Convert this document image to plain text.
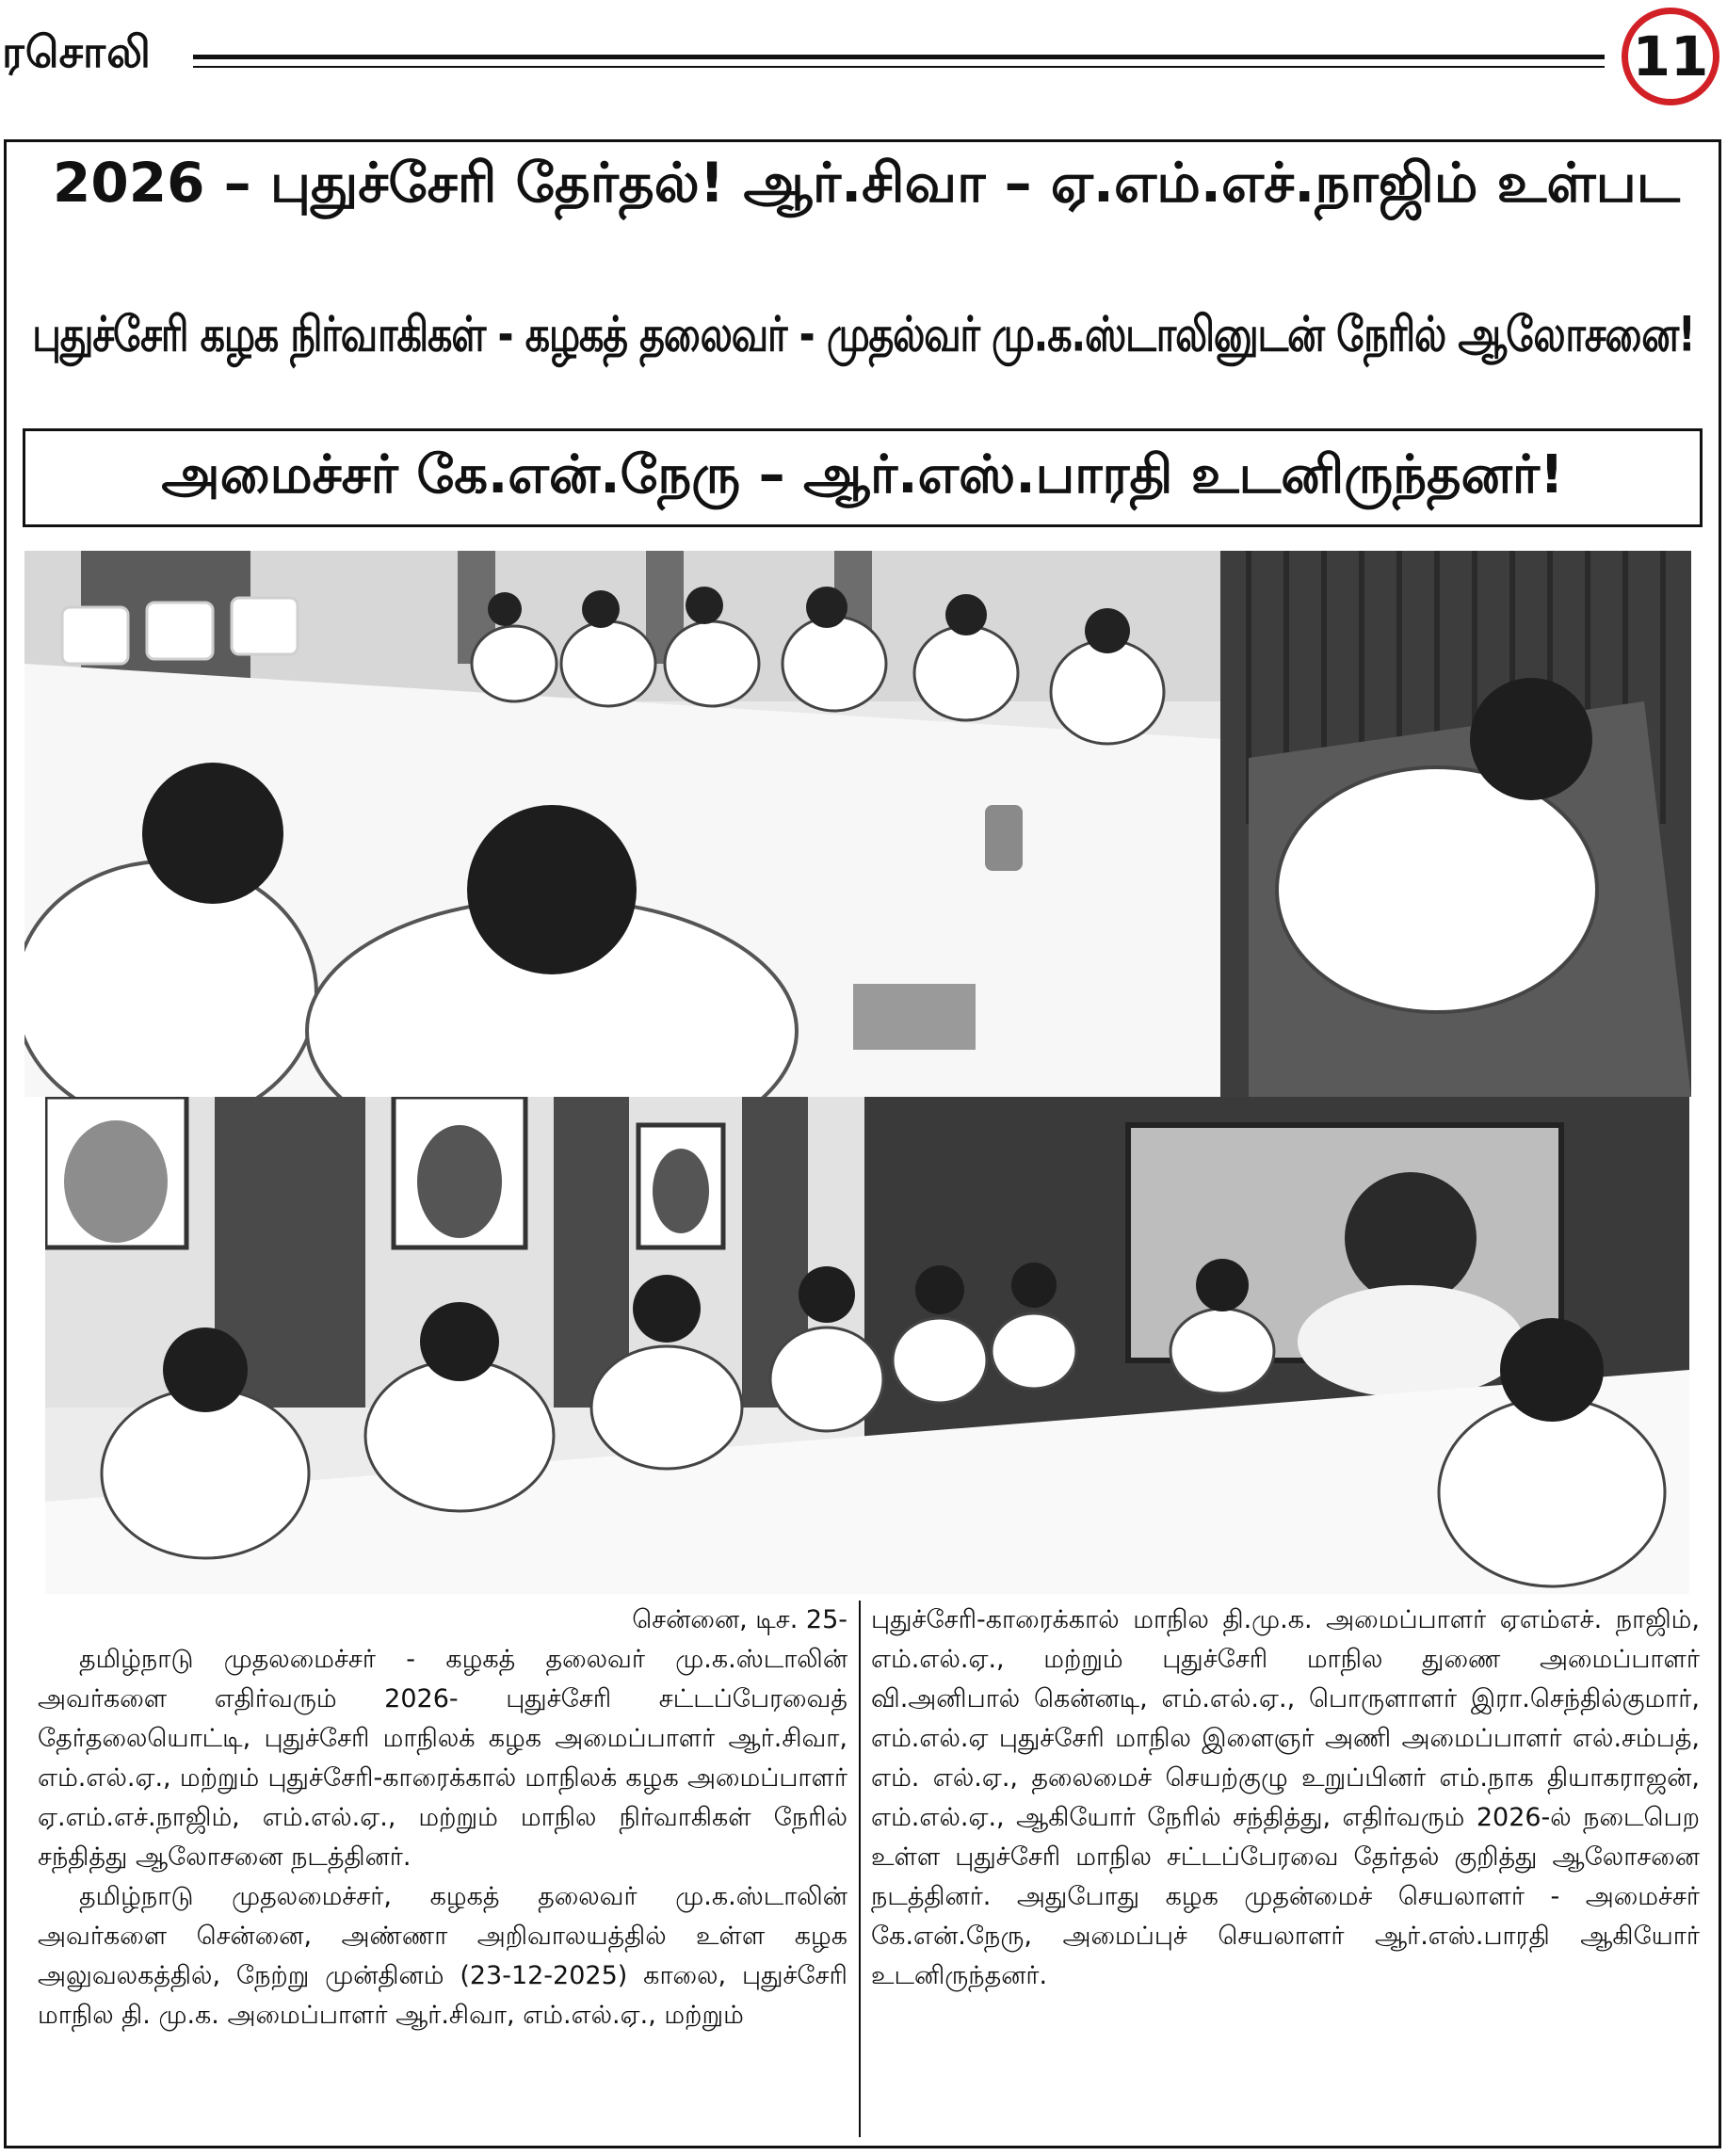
ரசொலி	11
2026 – புதுச்சேரி தேர்தல்! ஆர்.சிவா – ஏ.எம்.எச்.நாஜிம் உள்பட
புதுச்சேரி கழக நிர்வாகிகள் - கழகத் தலைவர் - முதல்வர் மு.க.ஸ்டாலினுடன் நேரில் ஆலோசனை!
அமைச்சர் கே.என்.நேரு – ஆர்.எஸ்.பாரதி உடனிருந்தனர்!

சென்னை, டிச. 25-

தமிழ்நாடு முதலமைச்சர் - கழகத் தலைவர் மு.க.ஸ்டாலின் அவர்களை எதிர்வரும் 2026- புதுச்சேரி சட்டப்பேரவைத் தேர்தலையொட்டி, புதுச்சேரி மாநிலக் கழக அமைப்பாளர் ஆர்.சிவா, எம்.எல்.ஏ., மற்றும் புதுச்சேரி-காரைக்கால் மாநிலக் கழக அமைப்பாளர் ஏ.எம்.எச்.நாஜிம், எம்.எல்.ஏ., மற்றும் மாநில நிர்வாகிகள் நேரில் சந்தித்து ஆலோசனை நடத்தினர்.

தமிழ்நாடு முதலமைச்சர், கழகத் தலைவர் மு.க.ஸ்டாலின் அவர்களை சென்னை, அண்ணா அறிவாலயத்தில் உள்ள கழக அலுவலகத்தில், நேற்று முன்தினம் (23-12-2025) காலை, புதுச்சேரி மாநில தி. மு.க. அமைப்பாளர் ஆர்.சிவா, எம்.எல்.ஏ., மற்றும்

புதுச்சேரி-காரைக்கால் மாநில தி.மு.க. அமைப்பாளர் ஏஎம்எச். நாஜிம், எம்.எல்.ஏ., மற்றும் புதுச்சேரி மாநில துணை அமைப்பாளர் வி.அனிபால் கென்னடி, எம்.எல்.ஏ., பொருளாளர் இரா.செந்தில்குமார், எம்.எல்.ஏ புதுச்சேரி மாநில இளைஞர் அணி அமைப்பாளர் எல்.சம்பத், எம். எல்.ஏ., தலைமைச் செயற்குழு உறுப்பினர் எம்.நாக தியாகராஜன், எம்.எல்.ஏ., ஆகியோர் நேரில் சந்தித்து, எதிர்வரும் 2026-ல் நடைபெற உள்ள புதுச்சேரி மாநில சட்டப்பேரவை தேர்தல் குறித்து ஆலோசனை நடத்தினர். அதுபோது கழக முதன்மைச் செயலாளர் - அமைச்சர் கே.என்.நேரு, அமைப்புச் செயலாளர் ஆர்.எஸ்.பாரதி ஆகியோர் உடனிருந்தனர்.
